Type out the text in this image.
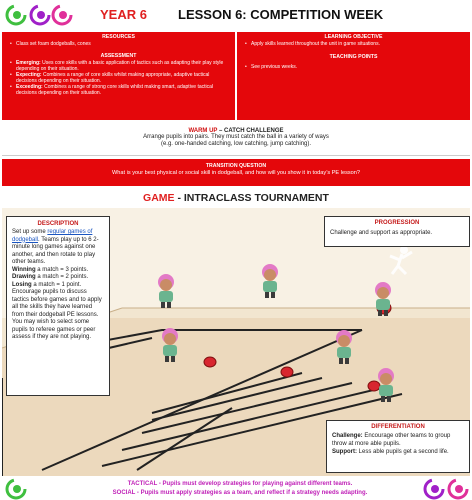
YEAR 6 LESSON 6: COMPETITION WEEK
RESOURCES
• Class set foam dodgeballs, cones
ASSESSMENT
• Emerging: Uses core skills with a basic application of tactics such as adapting their play style depending on their situation.
• Expecting: Combines a range of core skills whilst making appropriate, adaptive tactical decisions depending on their situation.
• Exceeding: Combines a range of strong core skills whilst making smart, adaptive tactical decisions depending on their situation.
LEARNING OBJECTIVE
• Apply skills learned throughout the unit in game situations.
TEACHING POINTS
• See previous weeks.
WARM UP – CATCH CHALLENGE
Arrange pupils into pairs. They must catch the ball in a variety of ways
(e.g. one-handed catching, low catching, jump catching).
TRANSITION QUESTION
What is your best physical or social skill in dodgeball, and how will you show it in today’s PE lesson?
GAME - INTRACLASS TOURNAMENT
DESCRIPTION
Set up some regular games of dodgeball. Teams play up to 6 2-minute long games against one another, and then rotate to play other teams.
Winning a match = 3 points.
Drawing a match = 2 points.
Losing a match = 1 point.
Encourage pupils to discuss tactics before games and to apply all the skills they have learned from their dodgeball PE lessons. You may wish to select some pupils to referee games or peer assess if they are not playing.
PROGRESSION
Challenge and support as appropriate.
DIFFERENTIATION
Challenge: Encourage other teams to group throw at more able pupils.
Support: Less able pupils get a second life.
TACTICAL - Pupils must develop strategies for playing against different teams.
SOCIAL - Pupils must apply strategies as a team, and reflect if a strategy needs adapting.
